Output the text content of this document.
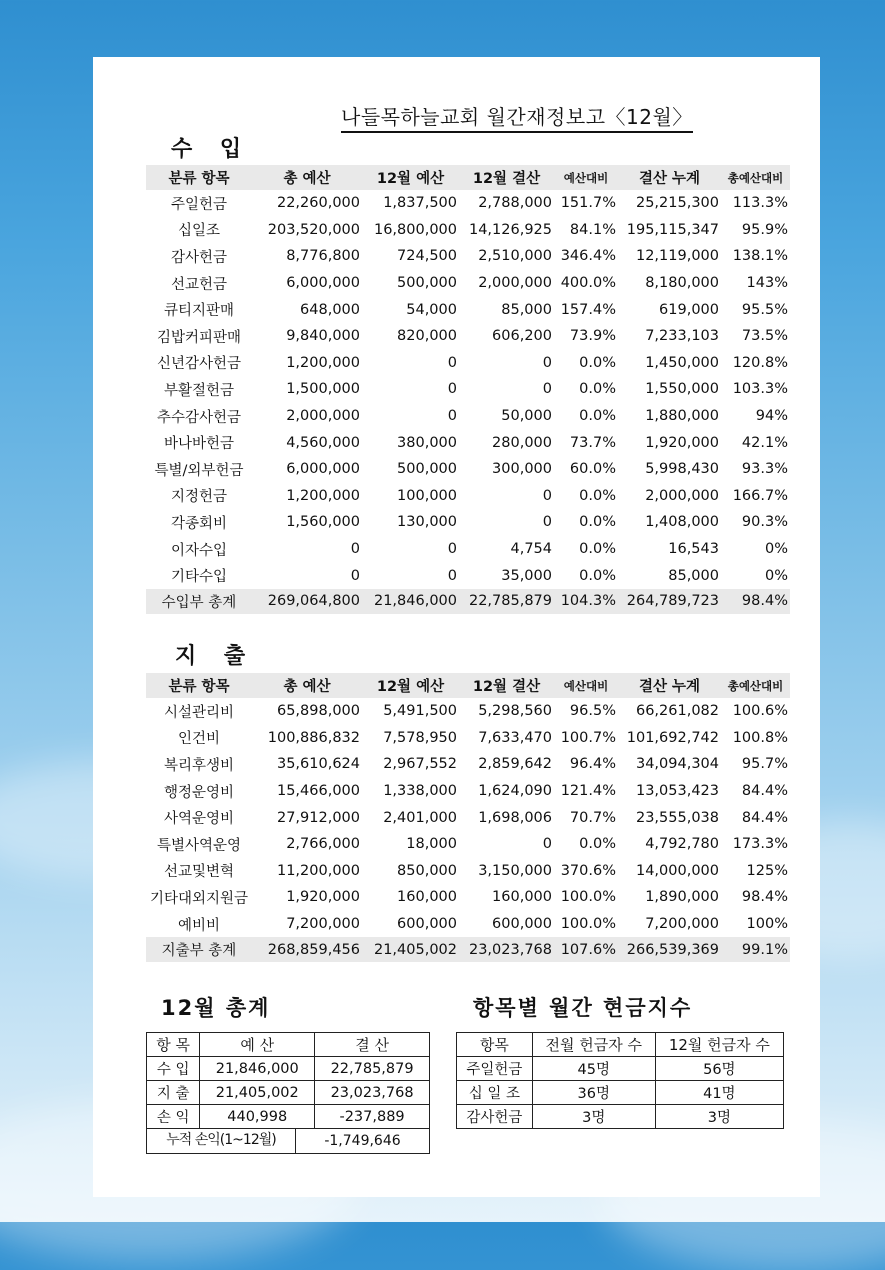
나들목하늘교회 월간재정보고〈12월〉
수 입
분류 항목	총 예산	12월 예산	12월 결산	예산대비	결산 누계	총예산대비
주일헌금	22,260,000	1,837,500	2,788,000	151.7%	25,215,300	113.3%
십일조	203,520,000	16,800,000	14,126,925	84.1%	195,115,347	95.9%
감사헌금	8,776,800	724,500	2,510,000	346.4%	12,119,000	138.1%
선교헌금	6,000,000	500,000	2,000,000	400.0%	8,180,000	143%
큐티지판매	648,000	54,000	85,000	157.4%	619,000	95.5%
김밥커피판매	9,840,000	820,000	606,200	73.9%	7,233,103	73.5%
신년감사헌금	1,200,000	0	0	0.0%	1,450,000	120.8%
부활절헌금	1,500,000	0	0	0.0%	1,550,000	103.3%
추수감사헌금	2,000,000	0	50,000	0.0%	1,880,000	94%
바나바헌금	4,560,000	380,000	280,000	73.7%	1,920,000	42.1%
특별/외부헌금	6,000,000	500,000	300,000	60.0%	5,998,430	93.3%
지정헌금	1,200,000	100,000	0	0.0%	2,000,000	166.7%
각종회비	1,560,000	130,000	0	0.0%	1,408,000	90.3%
이자수입	0	0	4,754	0.0%	16,543	0%
기타수입	0	0	35,000	0.0%	85,000	0%
수입부 총계	269,064,800	21,846,000	22,785,879	104.3%	264,789,723	98.4%
지 출
분류 항목	총 예산	12월 예산	12월 결산	예산대비	결산 누계	총예산대비
시설관리비	65,898,000	5,491,500	5,298,560	96.5%	66,261,082	100.6%
인건비	100,886,832	7,578,950	7,633,470	100.7%	101,692,742	100.8%
복리후생비	35,610,624	2,967,552	2,859,642	96.4%	34,094,304	95.7%
행정운영비	15,466,000	1,338,000	1,624,090	121.4%	13,053,423	84.4%
사역운영비	27,912,000	2,401,000	1,698,006	70.7%	23,555,038	84.4%
특별사역운영	2,766,000	18,000	0	0.0%	4,792,780	173.3%
선교및변혁	11,200,000	850,000	3,150,000	370.6%	14,000,000	125%
기타대외지원금	1,920,000	160,000	160,000	100.0%	1,890,000	98.4%
예비비	7,200,000	600,000	600,000	100.0%	7,200,000	100%
지출부 총계	268,859,456	21,405,002	23,023,768	107.6%	266,539,369	99.1%
12월 총계
항 목	예 산	결 산
수 입	21,846,000	22,785,879
지 출	21,405,002	23,023,768
손 익	440,998	-237,889
누적 손익(1~12월)	-1,749,646
항목별 월간 현금지수
항목	전월 헌금자 수	12월 헌금자 수
주일헌금	45명	56명
십 일 조	36명	41명
감사헌금	3명	3명
